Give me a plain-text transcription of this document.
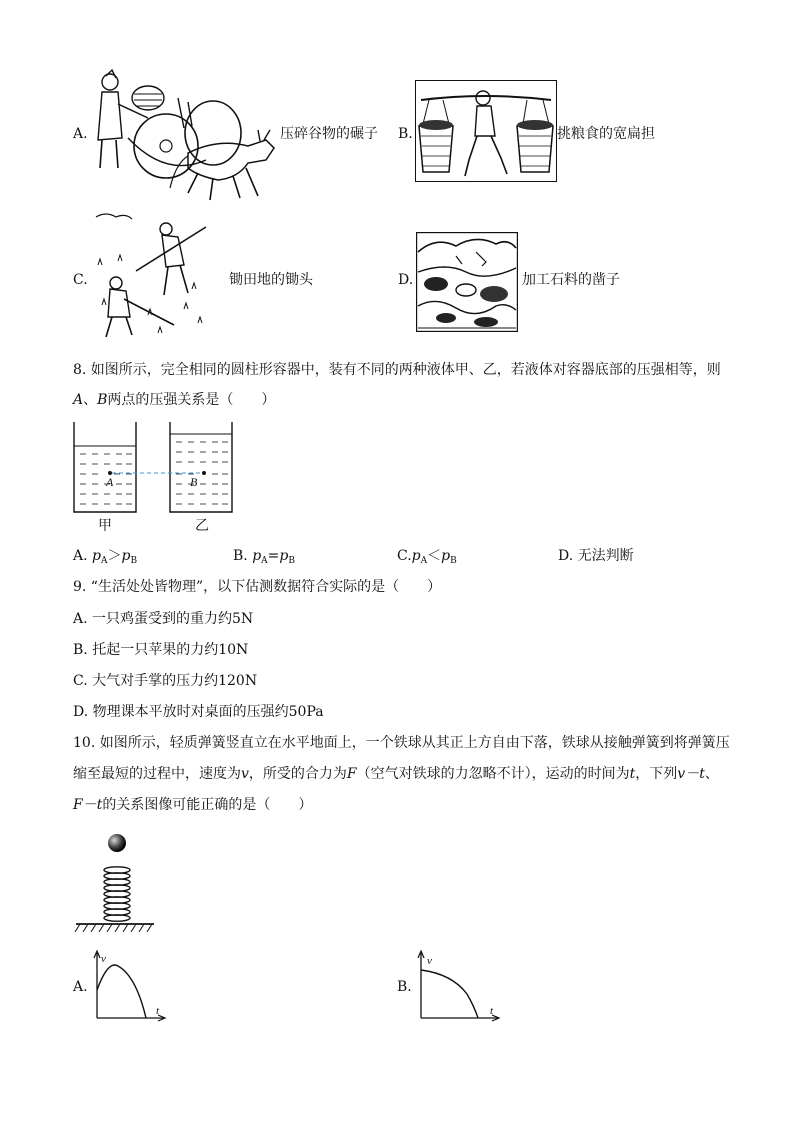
A.	压碎谷物的碾子 B.	挑粮食的宽扁担
C.	锄田地的锄头	D.	加工石料的凿子
8. 如图所示，完全相同的圆柱形容器中，装有不同的两种液体甲、乙，若液体对容器底部的压强相等，则
A、B两点的压强关系是（　　）
A	B
甲	乙
A. $p_A>p_B$	B. $p_A=p_B$	$C.p_A<p_B$	D. 无法判断
9. “生活处处皆物理”，以下估测数据符合实际的是（　　）
A. 一只鸡蛋受到的重力约5N
B. 托起一只苹果的力约10N
C. 大气对手掌的压力约120N
D. 物理课本平放时对桌面的压强约50Pa
10. 如图所示，轻质弹簧竖直立在水平地面上，一个铁球从其正上方自由下落，铁球从接触弹簧到将弹簧压
缩至最短的过程中，速度为v，所受的合力为F（空气对铁球的力忽略不计），运动的时间为t，下列v－t、
F－t的关系图像可能正确的是（　　）
A.
v
t
B.
v
t
